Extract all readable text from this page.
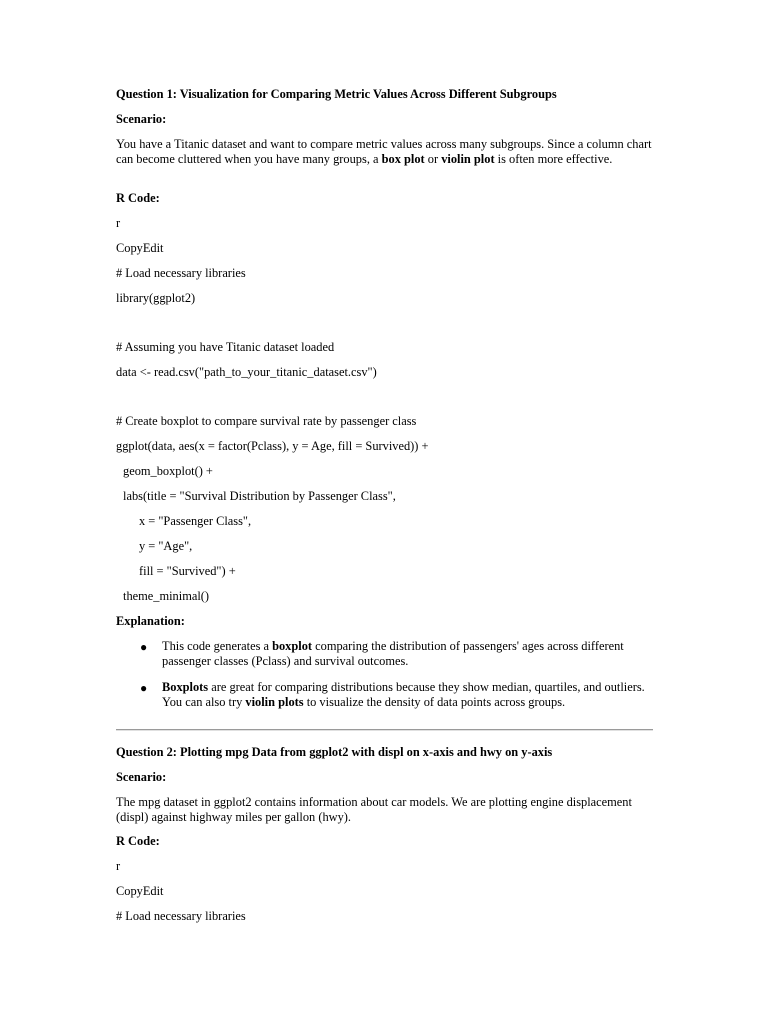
Question 1: Visualization for Comparing Metric Values Across Different Subgroups
Scenario:
You have a Titanic dataset and want to compare metric values across many subgroups. Since a column chart can become cluttered when you have many groups, a box plot or violin plot is often more effective.
R Code:
r
CopyEdit
# Load necessary libraries
library(ggplot2)
# Assuming you have Titanic dataset loaded
data <- read.csv("path_to_your_titanic_dataset.csv")
# Create boxplot to compare survival rate by passenger class
ggplot(data, aes(x = factor(Pclass), y = Age, fill = Survived)) +
geom_boxplot() +
labs(title = "Survival Distribution by Passenger Class",
x = "Passenger Class",
y = "Age",
fill = "Survived") +
theme_minimal()
Explanation:
● This code generates a boxplot comparing the distribution of passengers' ages across different passenger classes (Pclass) and survival outcomes.
● Boxplots are great for comparing distributions because they show median, quartiles, and outliers. You can also try violin plots to visualize the density of data points across groups.
Question 2: Plotting mpg Data from ggplot2 with displ on x-axis and hwy on y-axis
Scenario:
The mpg dataset in ggplot2 contains information about car models. We are plotting engine displacement (displ) against highway miles per gallon (hwy).
R Code:
r
CopyEdit
# Load necessary libraries
